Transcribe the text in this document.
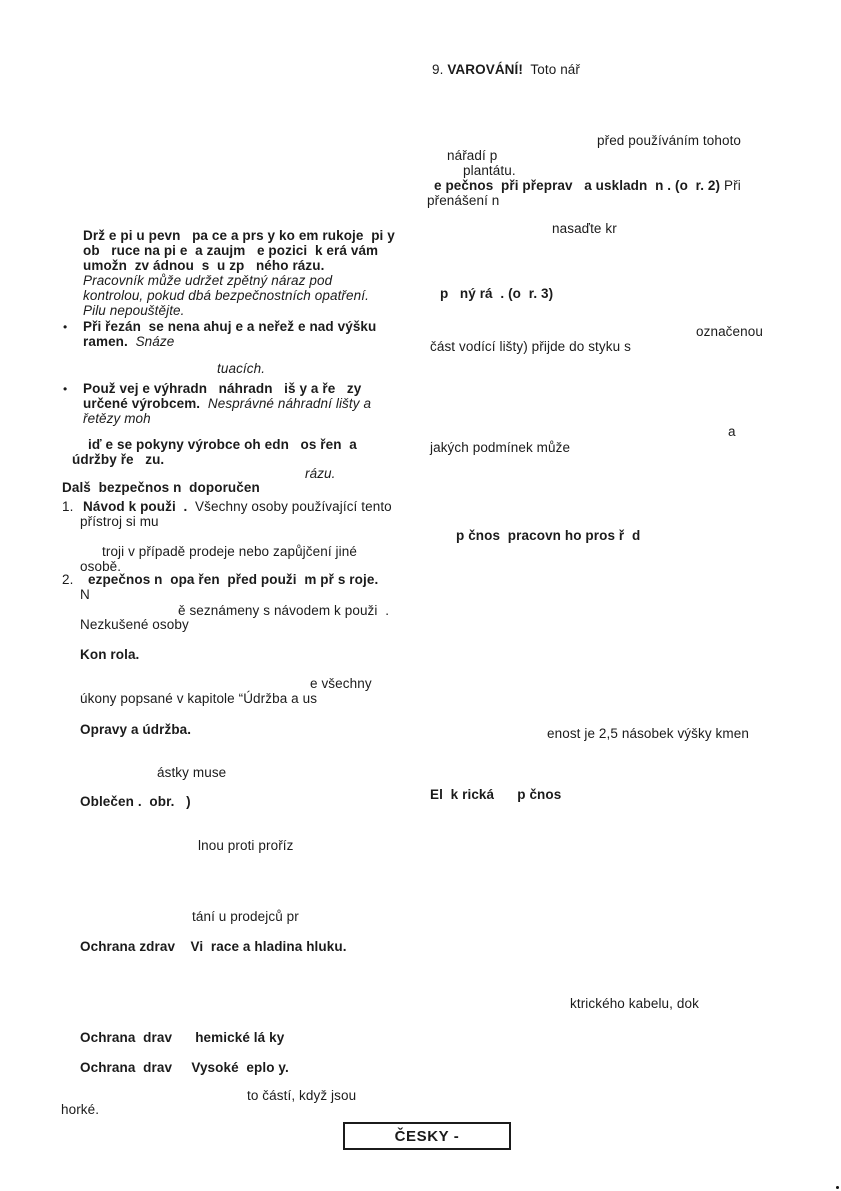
9. VAROVÁNÍ!  Toto nář
před používáním tohoto
nářadí p
plantátu.
e pečnos  při přeprav   a uskladn  n . (o  r. 2) Při
přenášení n
nasaďte kr
p   ný rá  . (o  r. 3)
označenou
část vodící lišty) přijde do styku s
a
jakých podmínek může
p čnos  pracovn ho pros ř  d
enost je 2,5 násobek výšky kmen
El  k rická      p čnos
ktrického kabelu, dok
Drž e pi u pevn   pa ce a prs y ko em rukoje  pi y
ob   ruce na pi e  a zaujm   e pozici  k erá vám
umožn  zv ádnou  s  u zp   ného rázu.
Pracovník může udržet zpětný náraz pod
kontrolou, pokud dbá bezpečnostních opatření.
Pilu nepouštějte.
• Při řezán  se nena ahuj e a neřež e nad výšku
ramen.  Snáze
tuacích.
• Použ vej e výhradn   náhradn   iš y a ře   zy
určené výrobcem.  Nesprávné náhradní lišty a
řetězy moh
iď e se pokyny výrobce oh edn   os řen  a
údržby ře   zu.
rázu.
Dalš  bezpečnos n  doporučen
1. Návod k použi  .  Všechny osoby používající tento
přístroj si mu
troji v případě prodeje nebo zapůjčení jiné
osobě.
2. ezpečnos n  opa řen  před použi  m př s roje.
N
ě seznámeny s návodem k použi  .
Nezkušené osoby
Kon rola.
e všechny
úkony popsané v kapitole “Údržba a us
Opravy a údržba.
ástky muse
Oblečen .  obr.   )
lnou proti proříz
tání u prodejců pr
Ochrana zdrav    Vi  race a hladina hluku.
Ochrana  drav      hemické lá ky
Ochrana  drav     Vysoké  eplo y.
to částí, když jsou
horké.
ČESKY -
